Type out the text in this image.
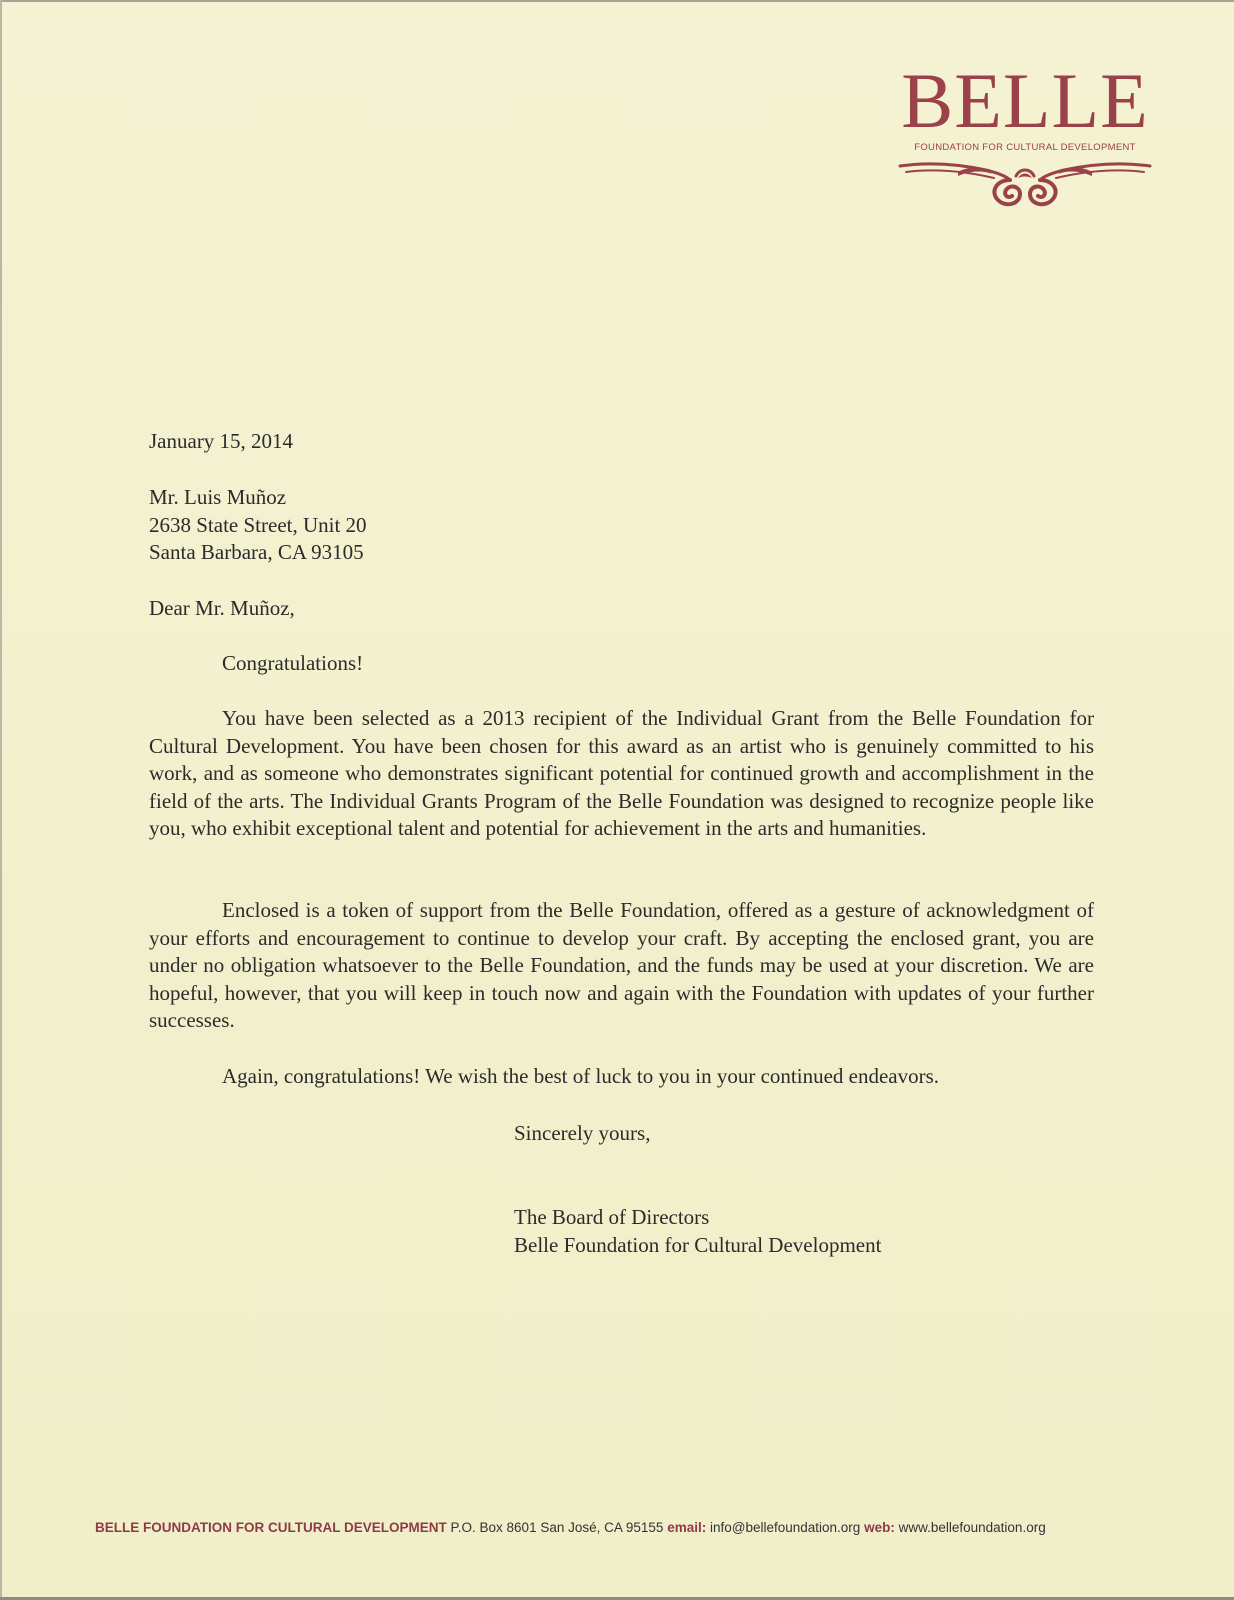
BELLE
FOUNDATION FOR CULTURAL DEVELOPMENT
January 15, 2014
Mr. Luis Muñoz
2638 State Street, Unit 20
Santa Barbara, CA 93105
Dear Mr. Muñoz,
Congratulations!

You have been selected as a 2013 recipient of the Individual Grant from the Belle Foundation for Cultural Development. You have been chosen for this award as an artist who is genuinely committed to his work, and as someone who demonstrates significant potential for continued growth and accomplishment in the field of the arts. The Individual Grants Program of the Belle Foundation was designed to recognize people like you, who exhibit exceptional talent and potential for achievement in the arts and humanities.

Enclosed is a token of support from the Belle Foundation, offered as a gesture of acknowledgment of your efforts and encouragement to continue to develop your craft. By accepting the enclosed grant, you are under no obligation whatsoever to the Belle Foundation, and the funds may be used at your discretion. We are hopeful, however, that you will keep in touch now and again with the Foundation with updates of your further successes.

Again, congratulations! We wish the best of luck to you in your continued endeavors.
Sincerely yours,
The Board of Directors
Belle Foundation for Cultural Development
BELLE FOUNDATION FOR CULTURAL DEVELOPMENT P.O. Box 8601 San José, CA 95155 email: info@bellefoundation.org web: www.bellefoundation.org
